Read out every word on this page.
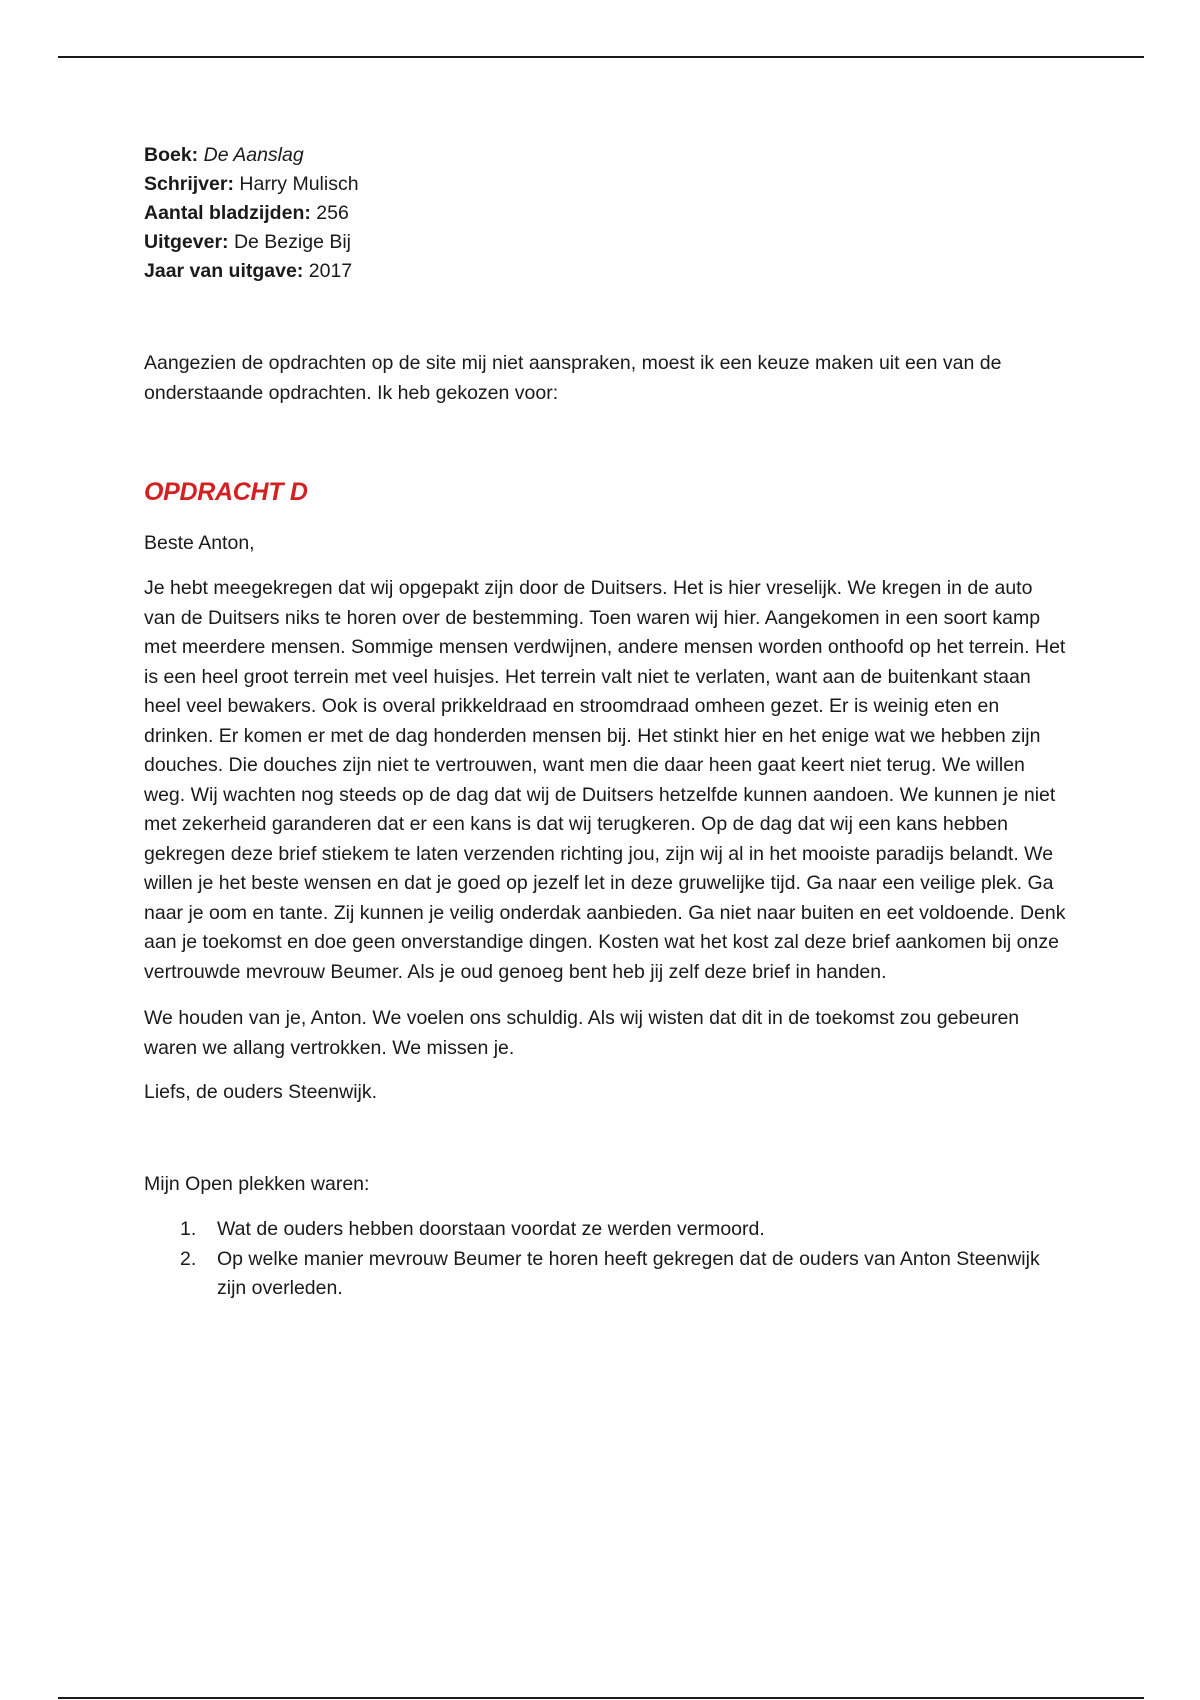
Boek: De Aanslag

Schrijver: Harry Mulisch

Aantal bladzijden: 256

Uitgever: De Bezige Bij

Jaar van uitgave: 2017

Aangezien de opdrachten op de site mij niet aanspraken, moest ik een keuze maken uit een van de onderstaande opdrachten. Ik heb gekozen voor:

OPDRACHT D

Beste Anton,

Je hebt meegekregen dat wij opgepakt zijn door de Duitsers. Het is hier vreselijk. We kregen in de auto van de Duitsers niks te horen over de bestemming. Toen waren wij hier. Aangekomen in een soort kamp met meerdere mensen. Sommige mensen verdwijnen, andere mensen worden onthoofd op het terrein. Het is een heel groot terrein met veel huisjes. Het terrein valt niet te verlaten, want aan de buitenkant staan heel veel bewakers. Ook is overal prikkeldraad en stroomdraad omheen gezet. Er is weinig eten en drinken. Er komen er met de dag honderden mensen bij. Het stinkt hier en het enige wat we hebben zijn douches. Die douches zijn niet te vertrouwen, want men die daar heen gaat keert niet terug. We willen weg. Wij wachten nog steeds op de dag dat wij de Duitsers hetzelfde kunnen aandoen. We kunnen je niet met zekerheid garanderen dat er een kans is dat wij terugkeren. Op de dag dat wij een kans hebben gekregen deze brief stiekem te laten verzenden richting jou, zijn wij al in het mooiste paradijs belandt. We willen je het beste wensen en dat je goed op jezelf let in deze gruwelijke tijd. Ga naar een veilige plek. Ga naar je oom en tante. Zij kunnen je veilig onderdak aanbieden. Ga niet naar buiten en eet voldoende. Denk aan je toekomst en doe geen onverstandige dingen. Kosten wat het kost zal deze brief aankomen bij onze vertrouwde mevrouw Beumer. Als je oud genoeg bent heb jij zelf deze brief in handen.

We houden van je, Anton. We voelen ons schuldig. Als wij wisten dat dit in de toekomst zou gebeuren waren we allang vertrokken. We missen je.

Liefs, de ouders Steenwijk.

Mijn Open plekken waren:

1. Wat de ouders hebben doorstaan voordat ze werden vermoord.
2. Op welke manier mevrouw Beumer te horen heeft gekregen dat de ouders van Anton Steenwijk zijn overleden.
